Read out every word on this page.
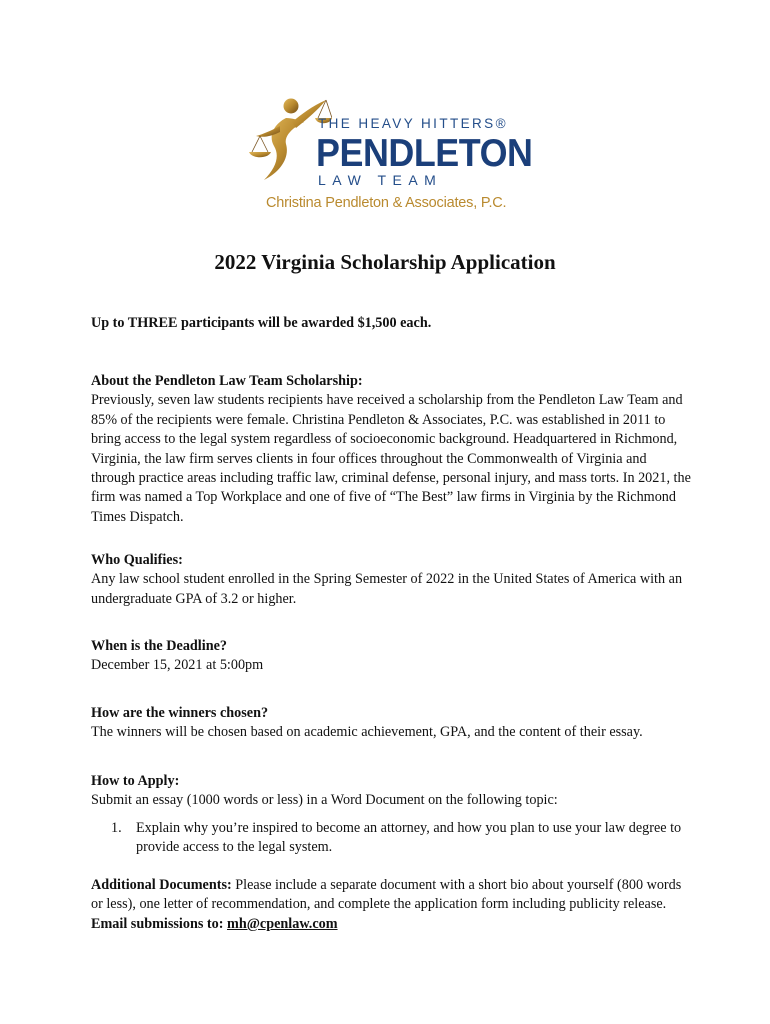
THE HEAVY HITTERS®
PENDLETON
LAW TEAM
Christina Pendleton & Associates, P.C.
2022 Virginia Scholarship Application

Up to THREE participants will be awarded $1,500 each.

About the Pendleton Law Team Scholarship:

Previously, seven law students recipients have received a scholarship from the Pendleton Law Team and 85% of the recipients were female. Christina Pendleton & Associates, P.C. was established in 2011 to bring access to the legal system regardless of socioeconomic background. Headquartered in Richmond, Virginia, the law firm serves clients in four offices throughout the Commonwealth of Virginia and through practice areas including traffic law, criminal defense, personal injury, and mass torts. In 2021, the firm was named a Top Workplace and one of five of “The Best” law firms in Virginia by the Richmond Times Dispatch.

Who Qualifies:

Any law school student enrolled in the Spring Semester of 2022 in the United States of America with an undergraduate GPA of 3.2 or higher.

When is the Deadline?

December 15, 2021 at 5:00pm

How are the winners chosen?

The winners will be chosen based on academic achievement, GPA, and the content of their essay.

How to Apply:

Submit an essay (1000 words or less) in a Word Document on the following topic:

1. Explain why you’re inspired to become an attorney, and how you plan to use your law degree to provide access to the legal system.

Additional Documents: Please include a separate document with a short bio about yourself (800 words or less), one letter of recommendation, and complete the application form including publicity release. Email submissions to: mh@cpenlaw.com
